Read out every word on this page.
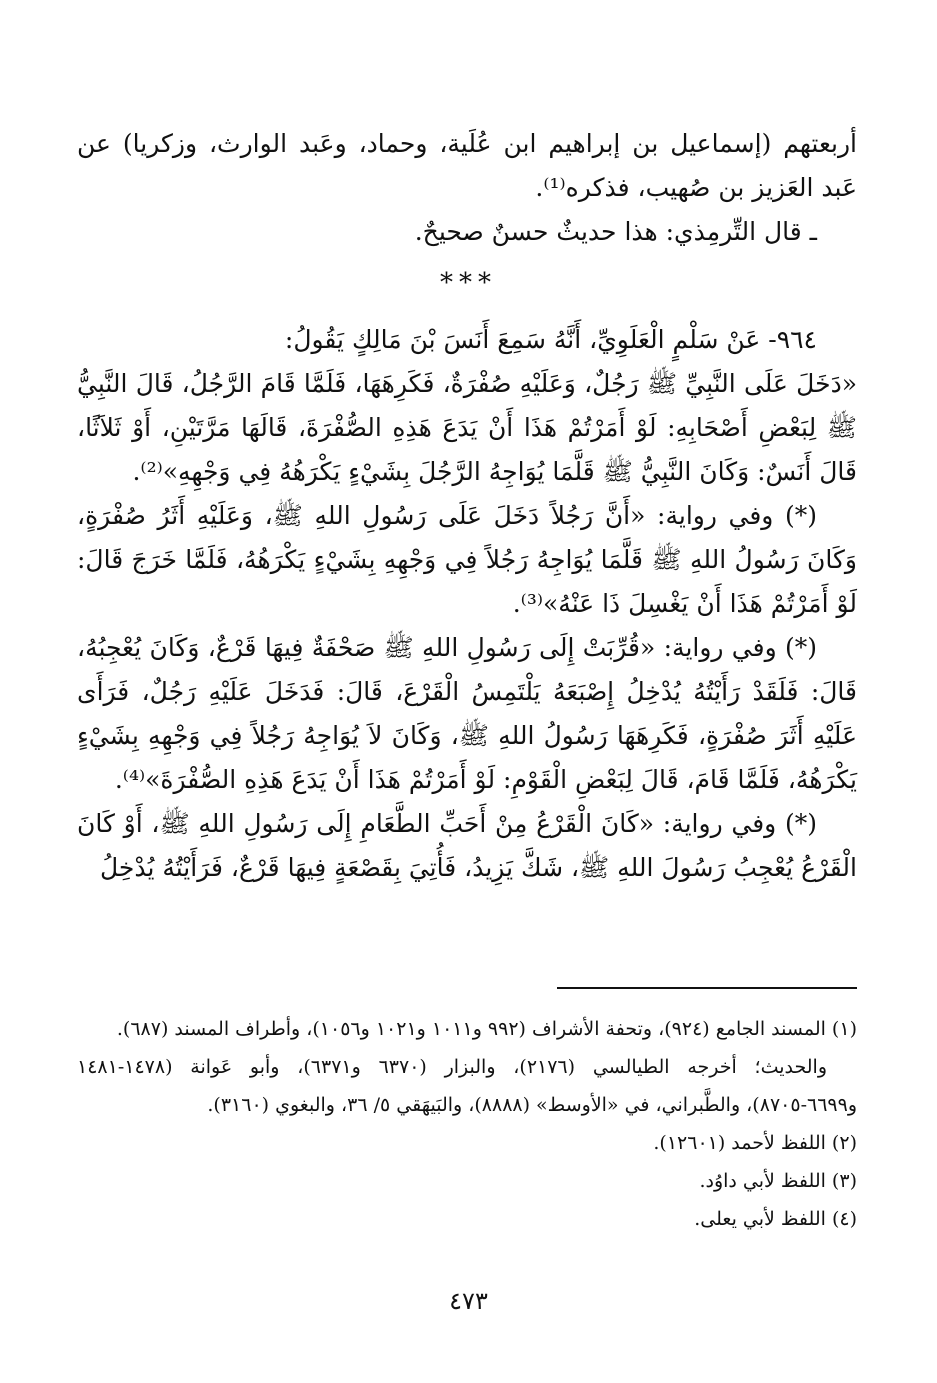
أربعتهم (إسماعيل بن إبراهيم ابن عُلَية، وحماد، وعَبد الوارث، وزكريا) عن عَبد العَزيز بن صُهيب، فذكره⁽¹⁾.

ـ قال التِّرمِذي: هذا حديثٌ حسنٌ صحيحٌ.

***

٩٦٤- عَنْ سَلْمٍ الْعَلَوِيِّ، أَنَّهُ سَمِعَ أَنَسَ بْنَ مَالِكٍ يَقُولُ:

«دَخَلَ عَلَى النَّبِيِّ ﷺ رَجُلٌ، وَعَلَيْهِ صُفْرَةٌ، فَكَرِهَهَا، فَلَمَّا قَامَ الرَّجُلُ، قَالَ النَّبِيُّ ﷺ لِبَعْضِ أَصْحَابِهِ: لَوْ أَمَرْتُمْ هَذَا أَنْ يَدَعَ هَذِهِ الصُّفْرَةَ، قَالَهَا مَرَّتَيْنِ، أَوْ ثَلاَثًا، قَالَ أَنَسٌ: وَكَانَ النَّبِيُّ ﷺ قَلَّمَا يُوَاجِهُ الرَّجُلَ بِشَيْءٍ يَكْرَهُهُ فِي وَجْهِهِ»⁽²⁾.

(*) وفي رواية: «أَنَّ رَجُلاً دَخَلَ عَلَى رَسُولِ اللهِ ﷺ، وَعَلَيْهِ أَثَرُ صُفْرَةٍ، وَكَانَ رَسُولُ اللهِ ﷺ قَلَّمَا يُوَاجِهُ رَجُلاً فِي وَجْهِهِ بِشَيْءٍ يَكْرَهُهُ، فَلَمَّا خَرَجَ قَالَ: لَوْ أَمَرْتُمْ هَذَا أَنْ يَغْسِلَ ذَا عَنْهُ»⁽³⁾.

(*) وفي رواية: «قُرِّبَتْ إِلَى رَسُولِ اللهِ ﷺ صَحْفَةٌ فِيهَا قَرْعٌ، وَكَانَ يُعْجِبُهُ، قَالَ: فَلَقَدْ رَأَيْتُهُ يُدْخِلُ إِصْبَعَهُ يَلْتَمِسُ الْقَرْعَ، قَالَ: فَدَخَلَ عَلَيْهِ رَجُلٌ، فَرَأَى عَلَيْهِ أَثَرَ صُفْرَةٍ، فَكَرِهَهَا رَسُولُ اللهِ ﷺ، وَكَانَ لاَ يُوَاجِهُ رَجُلاً فِي وَجْهِهِ بِشَيْءٍ يَكْرَهُهُ، فَلَمَّا قَامَ، قَالَ لِبَعْضِ الْقَوْمِ: لَوْ أَمَرْتُمْ هَذَا أَنْ يَدَعَ هَذِهِ الصُّفْرَةَ»⁽⁴⁾.

(*) وفي رواية: «كَانَ الْقَرْعُ مِنْ أَحَبِّ الطَّعَامِ إِلَى رَسُولِ اللهِ ﷺ، أَوْ كَانَ الْقَرْعُ يُعْجِبُ رَسُولَ اللهِ ﷺ، شَكَّ يَزِيدُ، فَأُتِيَ بِقَصْعَةٍ فِيهَا قَرْعٌ، فَرَأَيْتُهُ يُدْخِلُ

(١) المسند الجامع (٩٢٤)، وتحفة الأشراف (٩٩٢ و١٠١١ و١٠٢١ و١٠٥٦)، وأطراف المسند (٦٨٧).

والحديث؛ أخرجه الطيالسي (٢١٧٦)، والبزار (٦٣٧٠ و٦٣٧١)، وأبو عَوانة (١٤٧٨-١٤٨١ و٦٦٩٩-٨٧٠٥)، والطَّبراني، في «الأوسط» (٨٨٨٨)، والبَيهَقي ٥/ ٣٦، والبغوي (٣١٦٠).

(٢) اللفظ لأحمد (١٢٦٠١).

(٣) اللفظ لأبي داوُد.

(٤) اللفظ لأبي يعلى.

٤٧٣
